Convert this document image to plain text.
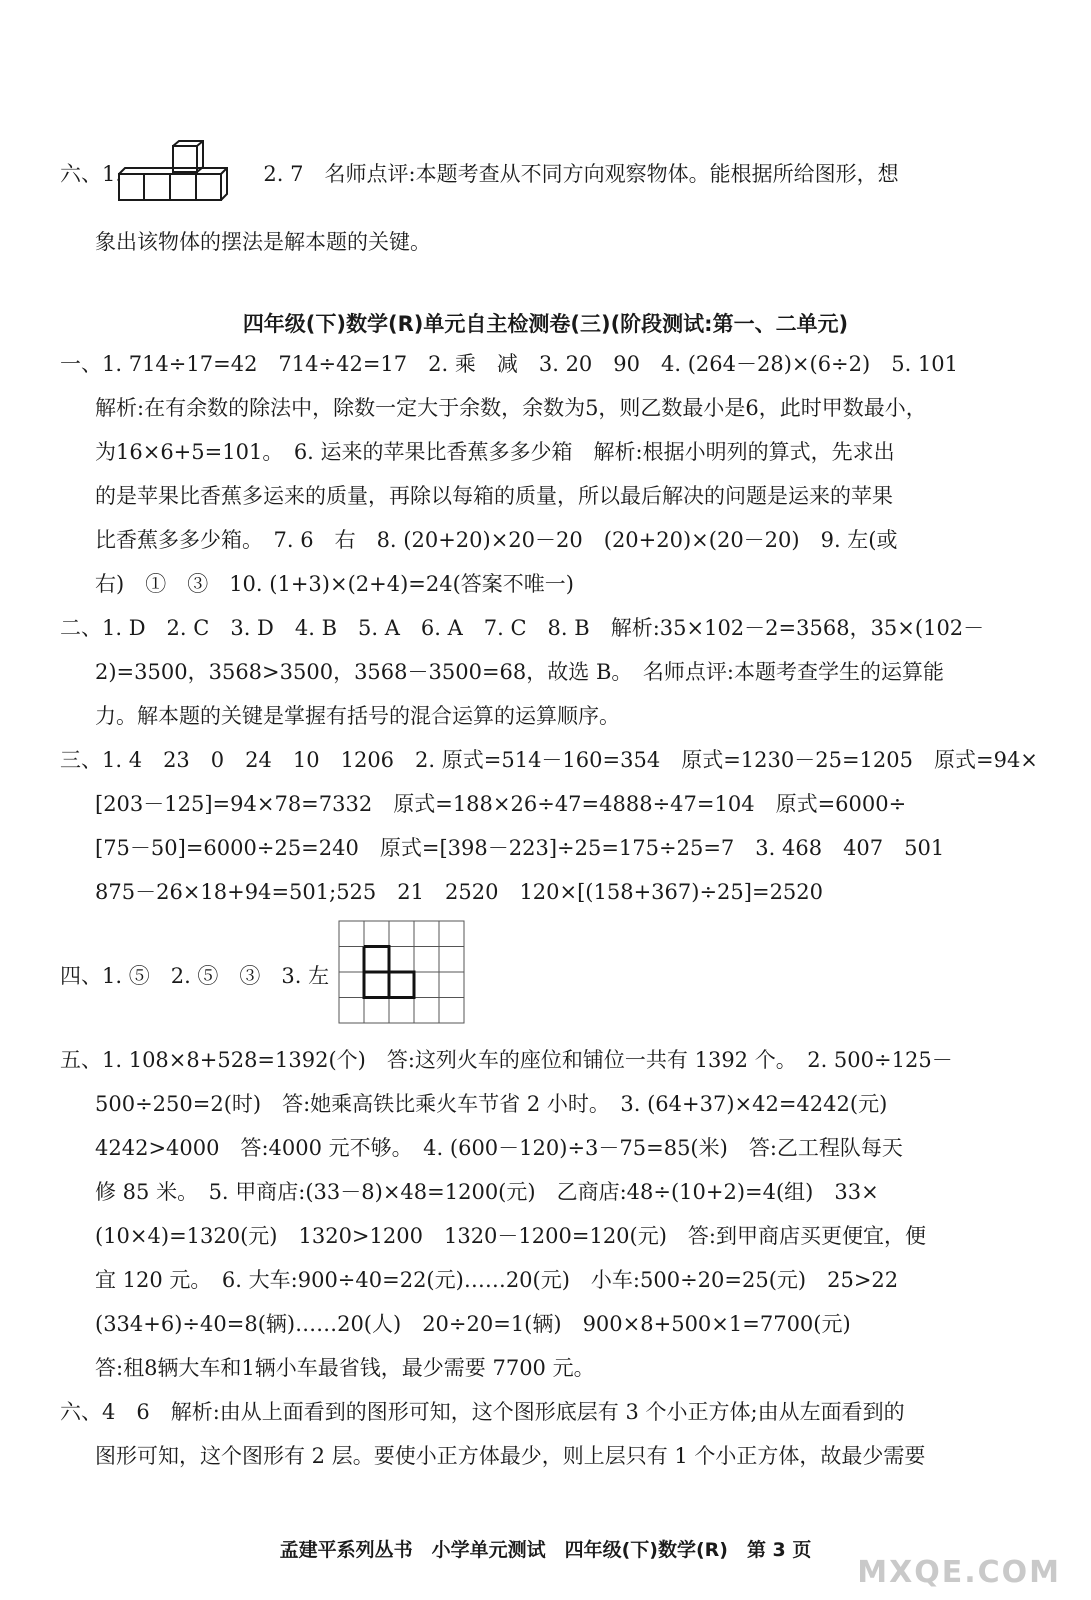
六、1.	2. 7　名师点评:本题考查从不同方向观察物体。能根据所给图形，想
象出该物体的摆法是解本题的关键。
四年级(下)数学(R)单元自主检测卷(三)(阶段测试:第一、二单元)
一、1. 714÷17=42　714÷42=17　2. 乘　减　3. 20　90　4. (264－28)×(6÷2)　5. 101
解析:在有余数的除法中，除数一定大于余数，余数为5，则乙数最小是6，此时甲数最小，
为16×6+5=101。　6. 运来的苹果比香蕉多多少箱　解析:根据小明列的算式，先求出
的是苹果比香蕉多运来的质量，再除以每箱的质量，所以最后解决的问题是运来的苹果
比香蕉多多少箱。　7. 6　右　8. (20+20)×20－20　(20+20)×(20－20)　9. 左(或
右)　①　③　10. (1+3)×(2+4)=24(答案不唯一)
二、1. D　2. C　3. D　4. B　5. A　6. A　7. C　8. B　解析:35×102－2=3568，35×(102－
2)=3500，3568>3500，3568－3500=68，故选 B。　名师点评:本题考查学生的运算能
力。解本题的关键是掌握有括号的混合运算的运算顺序。
三、1. 4　23　0　24　10　1206　2. 原式=514－160=354　原式=1230－25=1205　原式=94×
[203－125]=94×78=7332　原式=188×26÷47=4888÷47=104　原式=6000÷
[75－50]=6000÷25=240　原式=[398－223]÷25=175÷25=7　3. 468　407　501
875－26×18+94=501;525　21　2520　120×[(158+367)÷25]=2520
四、1. ⑤　2. ⑤　③　3. 左
五、1. 108×8+528=1392(个)　答:这列火车的座位和铺位一共有 1392 个。　2. 500÷125－
500÷250=2(时)　答:她乘高铁比乘火车节省 2 小时。　3. (64+37)×42=4242(元)
4242>4000　答:4000 元不够。　4. (600－120)÷3－75=85(米)　答:乙工程队每天
修 85 米。　5. 甲商店:(33－8)×48=1200(元)　乙商店:48÷(10+2)=4(组)　33×
(10×4)=1320(元)　1320>1200　1320－1200=120(元)　答:到甲商店买更便宜，便
宜 120 元。　6. 大车:900÷40=22(元)……20(元)　小车:500÷20=25(元)　25>22
(334+6)÷40=8(辆)……20(人)　20÷20=1(辆)　900×8+500×1=7700(元)
答:租8辆大车和1辆小车最省钱，最少需要 7700 元。
六、4　6　解析:由从上面看到的图形可知，这个图形底层有 3 个小正方体;由从左面看到的
图形可知，这个图形有 2 层。要使小正方体最少，则上层只有 1 个小正方体，故最少需要
孟建平系列丛书　小学单元测试　四年级(下)数学(R)　第 3 页
MXQE.COM
